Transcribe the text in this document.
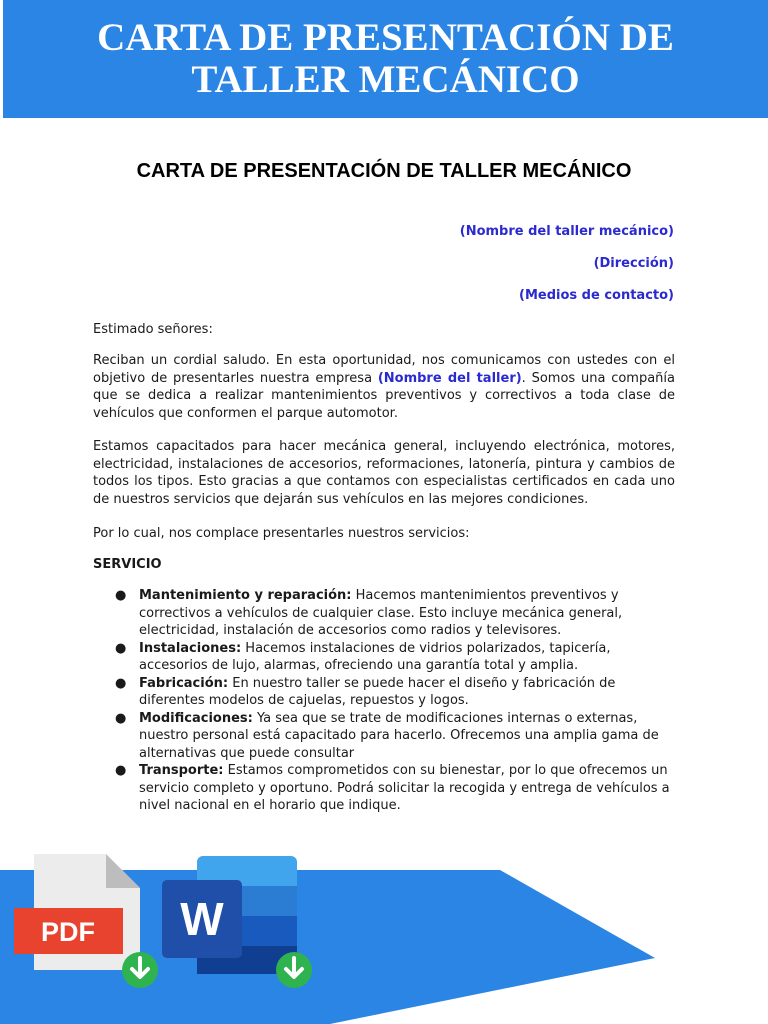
CARTA DE PRESENTACIÓN DE
TALLER MECÁNICO
CARTA DE PRESENTACIÓN DE TALLER MECÁNICO
(Nombre del taller mecánico)
(Dirección)
(Medios de contacto)

Estimado señores:

Reciban un cordial saludo. En esta oportunidad, nos comunicamos con ustedes con el objetivo de presentarles nuestra empresa (Nombre del taller). Somos una compañía que se dedica a realizar mantenimientos preventivos y correctivos a toda clase de vehículos que conformen el parque automotor.

Estamos capacitados para hacer mecánica general, incluyendo electrónica, motores, electricidad, instalaciones de accesorios, reformaciones, latonería, pintura y cambios de todos los tipos. Esto gracias a que contamos con especialistas certificados en cada uno de nuestros servicios que dejarán sus vehículos en las mejores condiciones.

Por lo cual, nos complace presentarles nuestros servicios:

SERVICIO
● Mantenimiento y reparación: Hacemos mantenimientos preventivos y correctivos a vehículos de cualquier clase. Esto incluye mecánica general, electricidad, instalación de accesorios como radios y televisores.
● Instalaciones: Hacemos instalaciones de vidrios polarizados, tapicería, accesorios de lujo, alarmas, ofreciendo una garantía total y amplia.
● Fabricación: En nuestro taller se puede hacer el diseño y fabricación de diferentes modelos de cajuelas, repuestos y logos.
● Modificaciones: Ya sea que se trate de modificaciones internas o externas, nuestro personal está capacitado para hacerlo. Ofrecemos una amplia gama de alternativas que puede consultar
● Transporte: Estamos comprometidos con su bienestar, por lo que ofrecemos un servicio completo y oportuno. Podrá solicitar la recogida y entrega de vehículos a nivel nacional en el horario que indique.
PDF W
